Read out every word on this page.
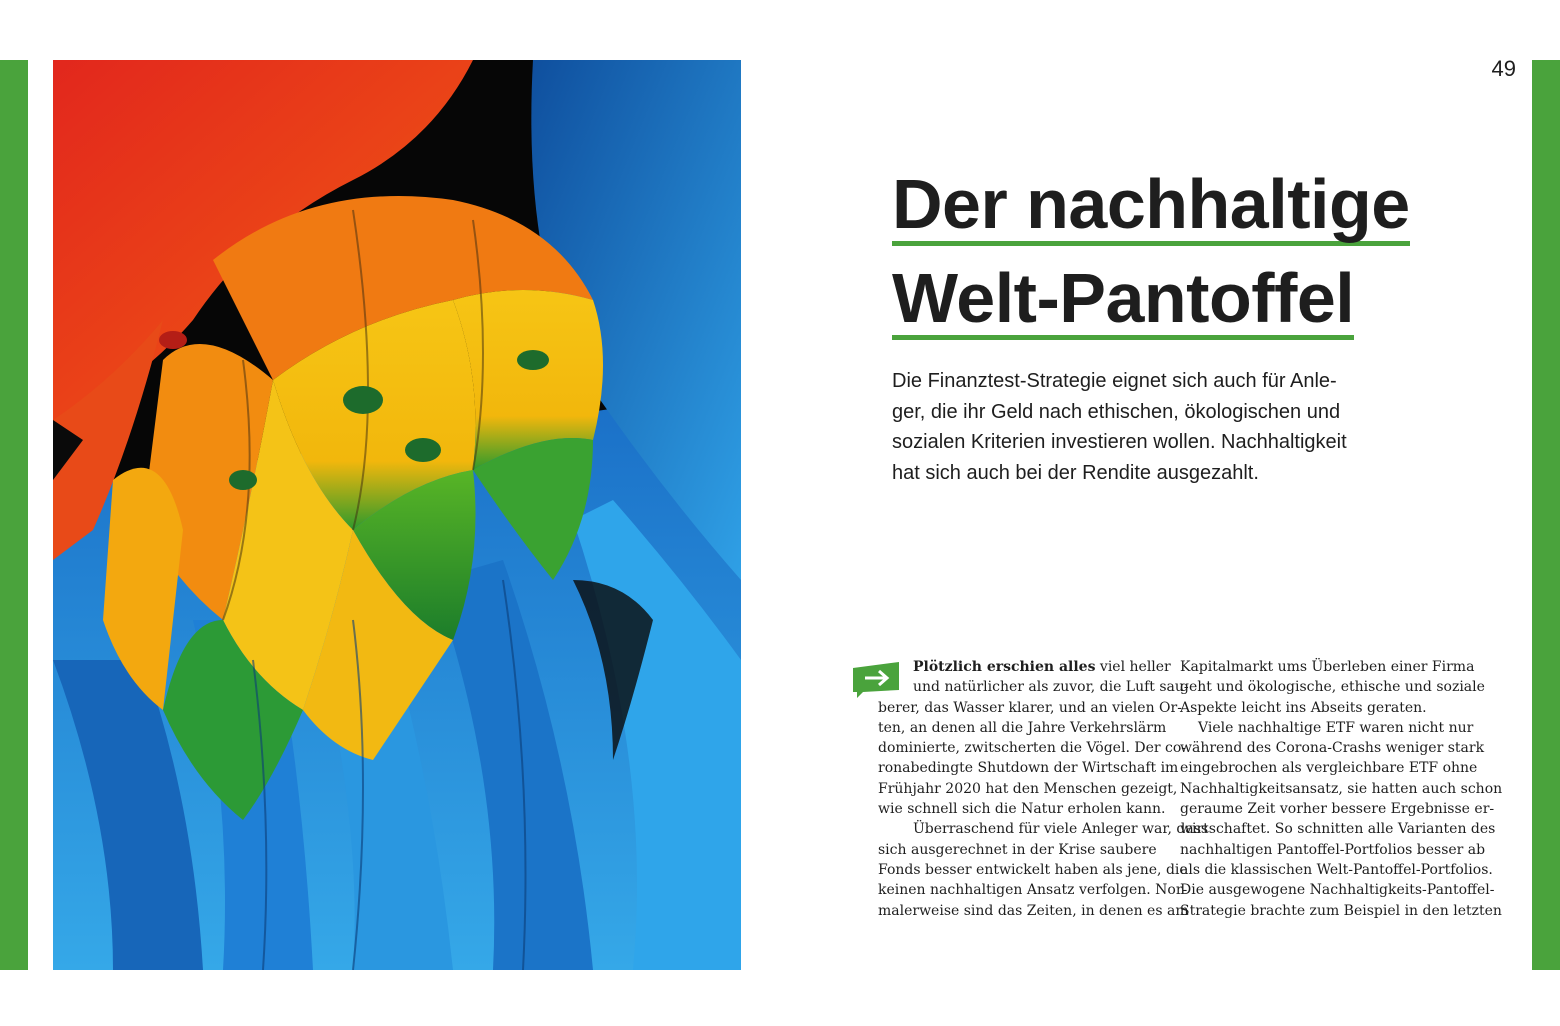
49
Der nachhaltige
Welt-Pantoffel
Die Finanztest-Strategie eignet sich auch für Anle-
ger, die ihr Geld nach ethischen, ökologischen und
sozialen Kriterien investieren wollen. Nachhaltigkeit
hat sich auch bei der Rendite ausgezahlt.
Plötzlich erschien alles viel heller
und natürlicher als zuvor, die Luft sau-
berer, das Wasser klarer, und an vielen Or-
ten, an denen all die Jahre Verkehrslärm
dominierte, zwitscherten die Vögel. Der co-
ronabedingte Shutdown der Wirtschaft im
Frühjahr 2020 hat den Menschen gezeigt,
wie schnell sich die Natur erholen kann.
Überraschend für viele Anleger war, dass
sich ausgerechnet in der Krise saubere
Fonds besser entwickelt haben als jene, die
keinen nachhaltigen Ansatz verfolgen. Nor-
malerweise sind das Zeiten, in denen es am
Kapitalmarkt ums Überleben einer Firma
geht und ökologische, ethische und soziale
Aspekte leicht ins Abseits geraten.
Viele nachhaltige ETF waren nicht nur
während des Corona-Crashs weniger stark
eingebrochen als vergleichbare ETF ohne
Nachhaltigkeitsansatz, sie hatten auch schon
geraume Zeit vorher bessere Ergebnisse er-
wirtschaftet. So schnitten alle Varianten des
nachhaltigen Pantoffel-Portfolios besser ab
als die klassischen Welt-Pantoffel-Portfolios.
Die ausgewogene Nachhaltigkeits-Pantoffel-
Strategie brachte zum Beispiel in den letzten
